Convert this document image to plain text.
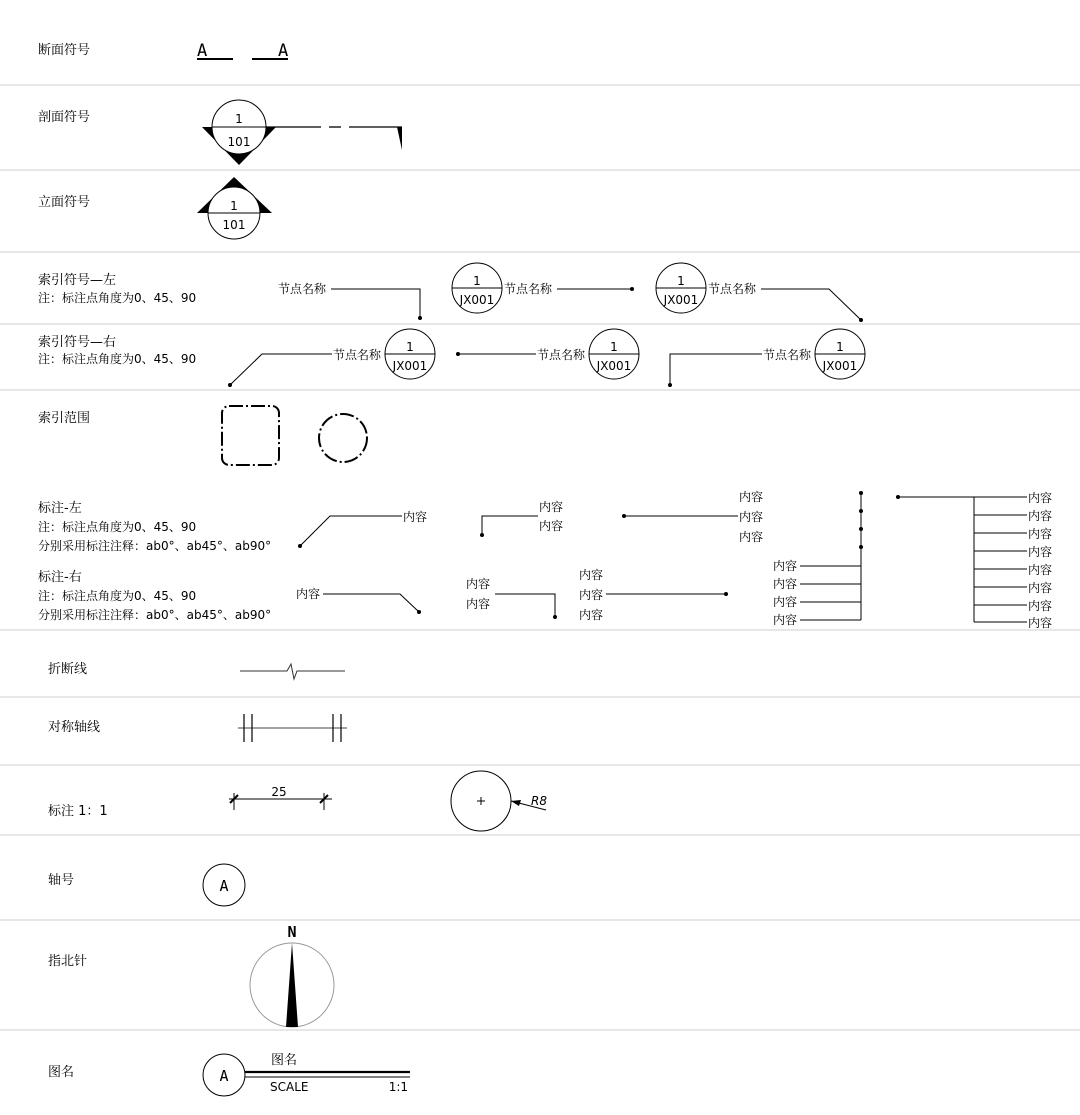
断面符号
剖面符号
立面符号
索引符号—左
注：标注点角度为0、45、90
索引符号—右
注：标注点角度为0、45、90
索引范围
标注-左
注：标注点角度为0、45、90
分别采用标注注释：ab0°、ab45°、ab90°
标注-右
注：标注点角度为0、45、90
分别采用标注注释：ab0°、ab45°、ab90°
折断线
对称轴线
标注 1：1
轴号
指北针
图名
A	A
1
101
1
101
节点名称
1
JX001
节点名称
1
JX001
节点名称
节点名称
1
JX001
节点名称
1
JX001
节点名称
1
JX001
内容
内容
内容
内容
内容
内容
内容
内容
内容
内容
内容
内容
内容
内容
内容
内容
内容
内容
内容
内容
内容
内容
内容
内容
25
R8
A
N
A
图名
SCALE	1:1
